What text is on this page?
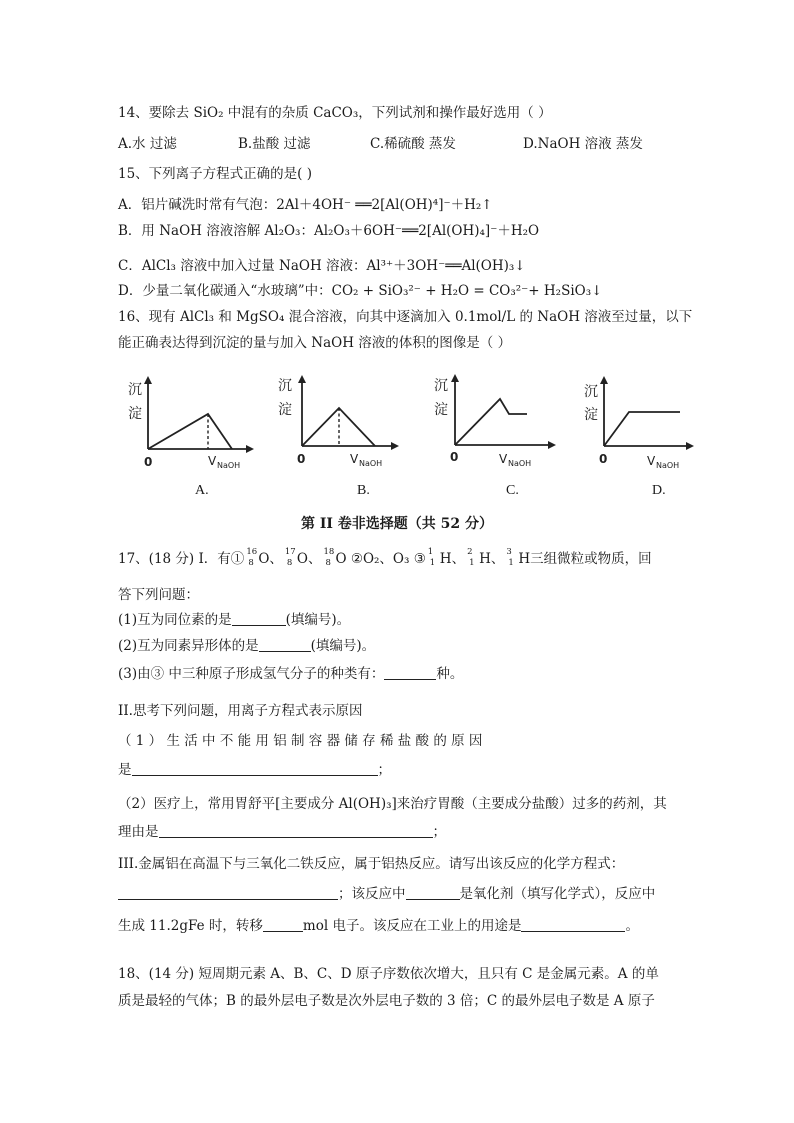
14、要除去 SiO₂ 中混有的杂质 CaCO₃，下列试剂和操作最好选用（ ）
A.水 过滤	B.盐酸 过滤	C.稀硫酸 蒸发	D.NaOH 溶液 蒸发
15、下列离子方程式正确的是( )
A．铝片碱洗时常有气泡：2Al＋4OH⁻ ══2[Al(OH)⁴]⁻＋H₂↑
B．用 NaOH 溶液溶解 Al₂O₃：Al₂O₃＋6OH⁻══2[Al(OH)₄]⁻＋H₂O
C．AlCl₃ 溶液中加入过量 NaOH 溶液：Al³⁺＋3OH⁻══Al(OH)₃↓
D．少量二氧化碳通入“水玻璃”中：CO₂ + SiO₃²⁻ + H₂O = CO₃²⁻+ H₂SiO₃↓
16、现有 AlCl₃ 和 MgSO₄ 混合溶液，向其中逐滴加入 0.1mol/L 的 NaOH 溶液至过量，以下
能正确表达得到沉淀的量与加入 NaOH 溶液的体积的图像是（ ）
沉
淀
0	V NaOH
沉
淀
0	V NaOH
沉
淀
0	V NaOH
沉
淀
0	V NaOH
A.	B.	C.	D.
第 II 卷非选择题（共 52 分）
17、(18 分) I．有① 16
8 O、 17
8 O、 18
8 O ②O₂、O₃ ③ 1
1 H、 2
1 H、 3
1 H三组微粒或物质，回
答下列问题：
(1)互为同位素的是	(填编号)。
(2)互为同素异形体的是	(填编号)。
(3)由③ 中三种原子形成氢气分子的种类有：	种。
II.思考下列问题，用离子方程式表示原因
（ 1 ） 生 活 中 不 能 用 铝 制 容 器 储 存 稀 盐 酸 的 原 因
是	；
（2）医疗上，常用胃舒平[主要成分 Al(OH)₃]来治疗胃酸（主要成分盐酸）过多的药剂，其
理由是	；
III.金属铝在高温下与三氧化二铁反应，属于铝热反应。请写出该反应的化学方程式：
；该反应中	是氧化剂（填写化学式），反应中
生成 11.2gFe 时，转移	mol 电子。该反应在工业上的用途是	。
18、(14 分) 短周期元素 A、B、C、D 原子序数依次增大，且只有 C 是金属元素。A 的单
质是最轻的气体；B 的最外层电子数是次外层电子数的 3 倍；C 的最外层电子数是 A 原子
